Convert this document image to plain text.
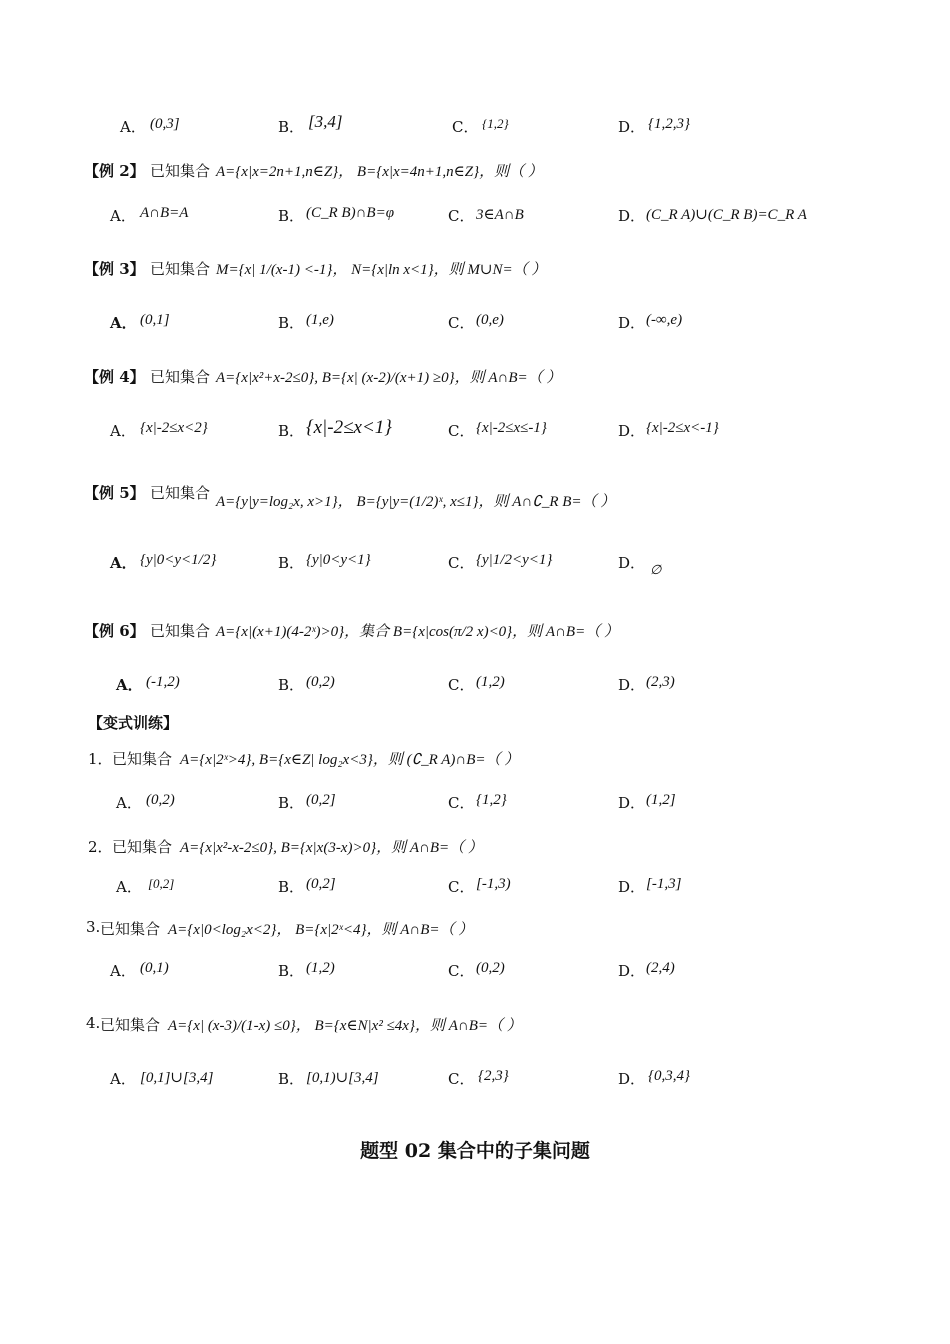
A． (0,3]	B． [3,4]	C． {1,2}	D． {1,2,3}
【例 2】 已知集合 A={x|x=2n+1,n∈Z}， B={x|x=4n+1,n∈Z}，则（ ）
A． A∩B=A	B． (C_R B)∩B=φ	C． 3∈A∩B	D． (C_R A)∪(C_R B)=C_R A
【例 3】 已知集合 M={x| 1/(x-1) <-1}， N={x|ln x<1}，则 M∪N=（ ）
A． (0,1]	B． (1,e)	C． (0,e)	D． (-∞,e)
【例 4】 已知集合 A={x|x²+x-2≤0}, B={x| (x-2)/(x+1) ≥0}，则 A∩B=（ ）
A． {x|-2≤x<2}	B． {x|-2≤x<1}	C． {x|-2≤x≤-1}	D． {x|-2≤x<-1}
【例 5】 已知集合 A={y|y=log₂x, x>1}， B={y|y=(1/2)ˣ, x≤1}，则 A∩∁_R B=（ ）
A． {y|0<y<1/2}	B． {y|0<y<1}	C． {y|1/2<y<1}	D． ∅
【例 6】 已知集合 A={x|(x+1)(4-2ˣ)>0}，集合 B={x|cos(π/2 x)<0}，则 A∩B=（ ）
A． (-1,2)	B． (0,2)	C． (1,2)	D． (2,3)
【变式训练】
1． 已知集合 A={x|2ˣ>4}, B={x∈Z| log₂x<3}，则 (∁_R A)∩B=（ ）
A． (0,2)	B． (0,2]	C． {1,2}	D． (1,2]
2． 已知集合 A={x|x²-x-2≤0}, B={x|x(3-x)>0}，则 A∩B=（ ）
A． [0,2]	B． (0,2]	C． [-1,3)	D． [-1,3]
3. 已知集合 A={x|0<log₂x<2}， B={x|2ˣ<4}，则 A∩B=（ ）
A． (0,1)	B． (1,2)	C． (0,2)	D． (2,4)
4. 已知集合 A={x| (x-3)/(1-x) ≤0}， B={x∈N|x² ≤4x}，则 A∩B=（ ）
A． [0,1]∪[3,4]	B． [0,1)∪[3,4]	C． {2,3}	D． {0,3,4}
题型 02 集合中的子集问题
